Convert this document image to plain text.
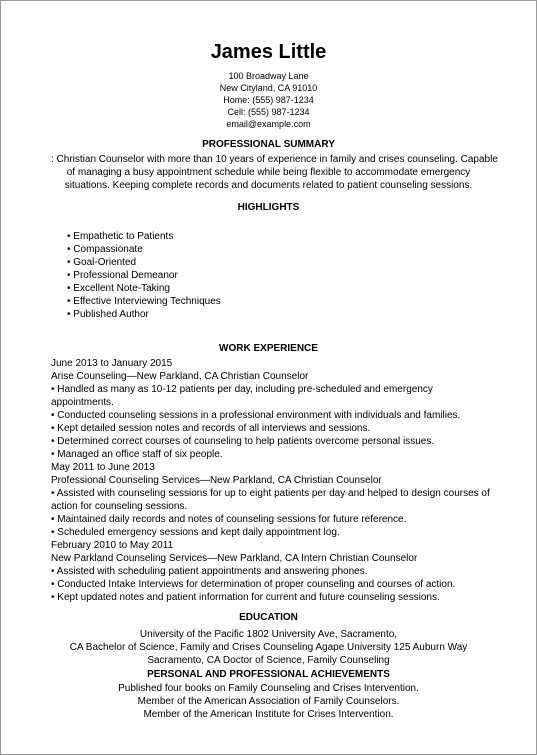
James Little
100 Broadway Lane
New Cityland, CA 91010
Home: (555) 987-1234
Cell: (555) 987-1234
email@example.com
PROFESSIONAL SUMMARY
: Christian Counselor with more than 10 years of experience in family and crises counseling. Capable
of managing a busy appointment schedule while being flexible to accommodate emergency
situations. Keeping complete records and documents related to patient counseling sessions.
HIGHLIGHTS
• Empathetic to Patients
• Compassionate
• Goal-Oriented
• Professional Demeanor
• Excellent Note-Taking
• Effective Interviewing Techniques
• Published Author
WORK EXPERIENCE
June 2013 to January 2015
Arise Counseling—New Parkland, CA Christian Counselor
• Handled as many as 10-12 patients per day, including pre-scheduled and emergency
appointments.
• Conducted counseling sessions in a professional environment with individuals and families.
• Kept detailed session notes and records of all interviews and sessions.
• Determined correct courses of counseling to help patients overcome personal issues.
• Managed an office staff of six people.
May 2011 to June 2013
Professional Counseling Services—New Parkland, CA Christian Counselor
• Assisted with counseling sessions for up to eight patients per day and helped to design courses of
action for counseling sessions.
• Maintained daily records and notes of counseling sessions for future reference.
• Scheduled emergency sessions and kept daily appointment log.
February 2010 to May 2011
New Parkland Counseling Services—New Parkland, CA Intern Christian Counselor
• Assisted with scheduling patient appointments and answering phones.
• Conducted Intake Interviews for determination of proper counseling and courses of action.
• Kept updated notes and patient information for current and future counseling sessions.
EDUCATION
University of the Pacific 1802 University Ave, Sacramento,
CA Bachelor of Science, Family and Crises Counseling Agape University 125 Auburn Way
Sacramento, CA Doctor of Science, Family Counseling
PERSONAL AND PROFESSIONAL ACHIEVEMENTS
Published four books on Family Counseling and Crises Intervention.
Member of the American Association of Family Counselors.
Member of the American Institute for Crises Intervention.
